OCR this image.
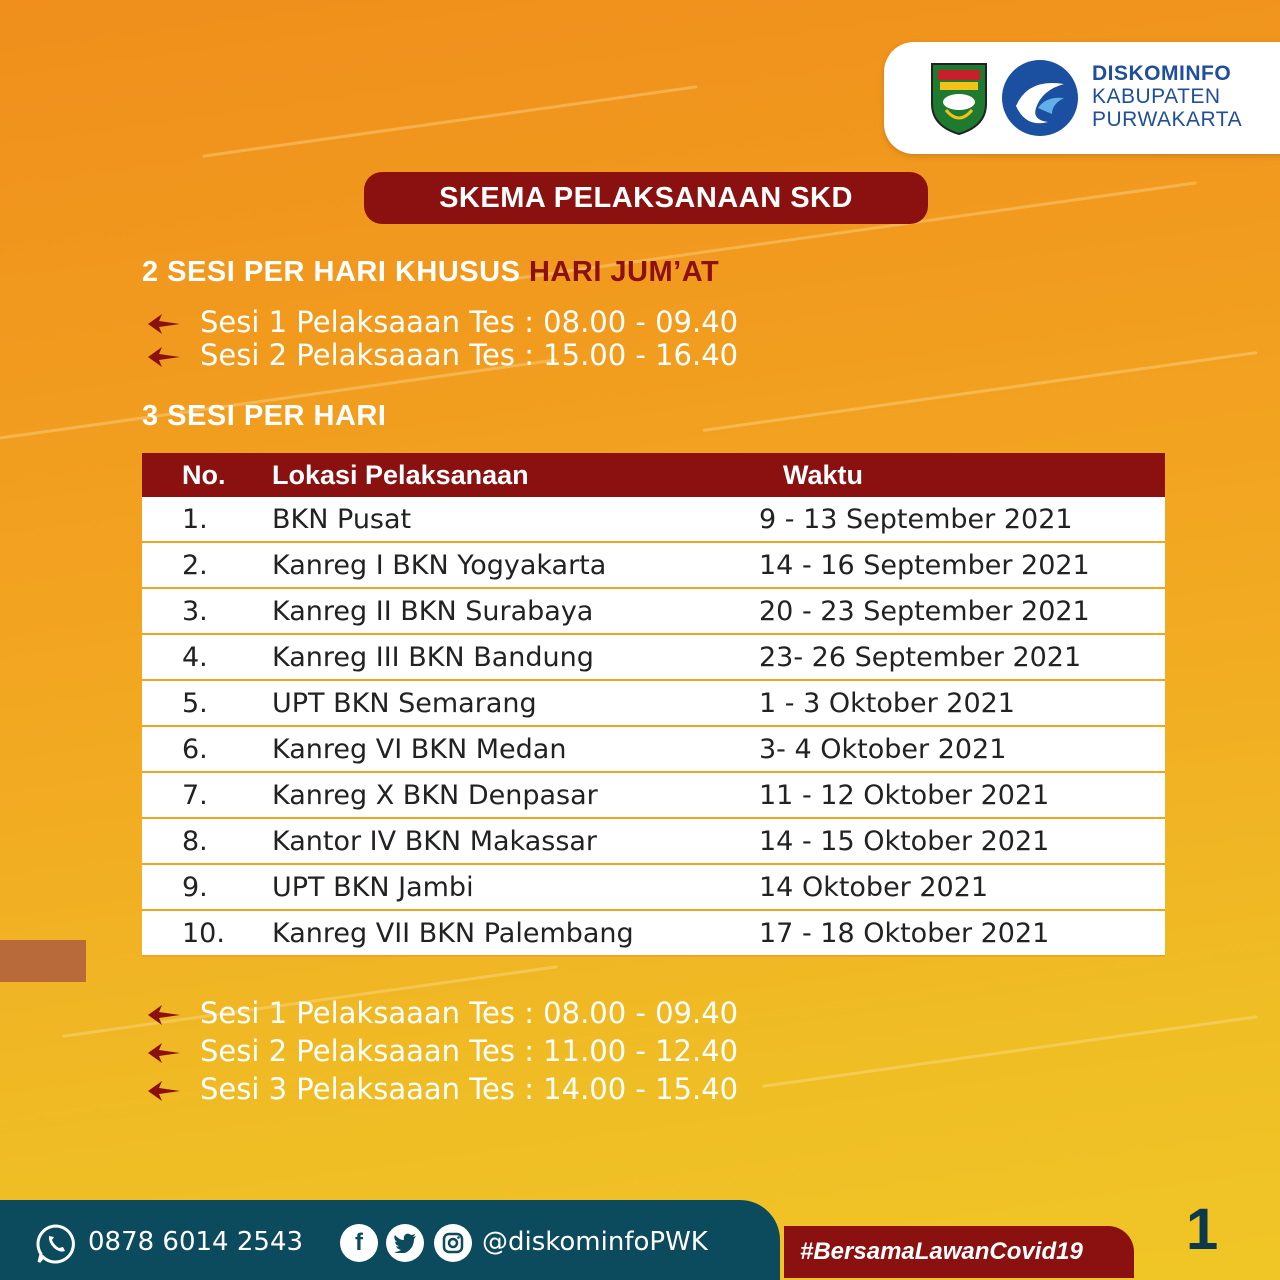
DISKOMINFO
KABUPATEN
PURWAKARTA
SKEMA PELAKSANAAN SKD
2 SESI PER HARI KHUSUS HARI JUM’AT
Sesi 1 Pelaksaaan Tes : 08.00 - 09.40
Sesi 2 Pelaksaaan Tes : 15.00 - 16.40
3 SESI PER HARI
No.	Lokasi Pelaksanaan	Waktu
1.	BKN Pusat	9 - 13 September 2021
2.	Kanreg I BKN Yogyakarta	14 - 16 September 2021
3.	Kanreg II BKN Surabaya	20 - 23 September 2021
4.	Kanreg III BKN Bandung	23- 26 September 2021
5.	UPT BKN Semarang	1 - 3 Oktober 2021
6.	Kanreg VI BKN Medan	3- 4 Oktober 2021
7.	Kanreg X BKN Denpasar	11 - 12 Oktober 2021
8.	Kantor IV BKN Makassar	14 - 15 Oktober 2021
9.	UPT BKN Jambi	14 Oktober 2021
10.	Kanreg VII BKN Palembang	17 - 18 Oktober 2021
Sesi 1 Pelaksaaan Tes : 08.00 - 09.40
Sesi 2 Pelaksaaan Tes : 11.00 - 12.40
Sesi 3 Pelaksaaan Tes : 14.00 - 15.40
0878 6014 2543	f	@diskominfoPWK	#BersamaLawanCovid19	1
